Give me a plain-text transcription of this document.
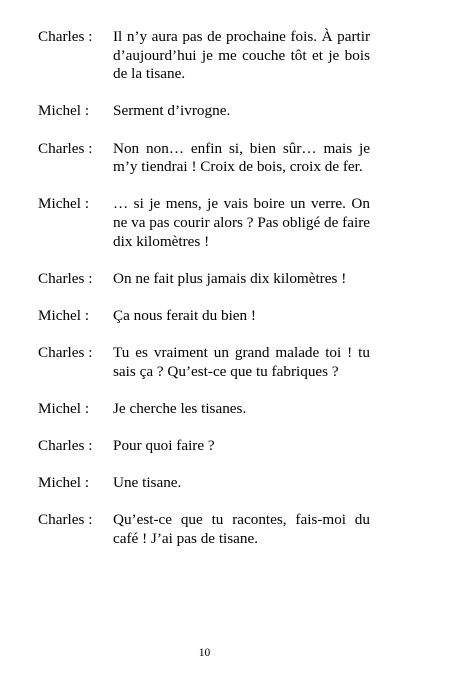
Charles :	Il n’y aura pas de prochaine fois. À partir d’aujourd’hui je me couche tôt et je bois de la tisane.
Michel :	Serment d’ivrogne.
Charles :	Non non… enfin si, bien sûr… mais je m’y tiendrai ! Croix de bois, croix de fer.
Michel :	… si je mens, je vais boire un verre. On ne va pas courir alors ? Pas obligé de faire dix kilomètres !
Charles :	On ne fait plus jamais dix kilomètres !
Michel :	Ça nous ferait du bien !
Charles :	Tu es vraiment un grand malade toi ! tu sais ça ? Qu’est-ce que tu fabriques ?
Michel :	Je cherche les tisanes.
Charles :	Pour quoi faire ?
Michel :	Une tisane.
Charles :	Qu’est-ce que tu racontes, fais-moi du café ! J’ai pas de tisane.
10
